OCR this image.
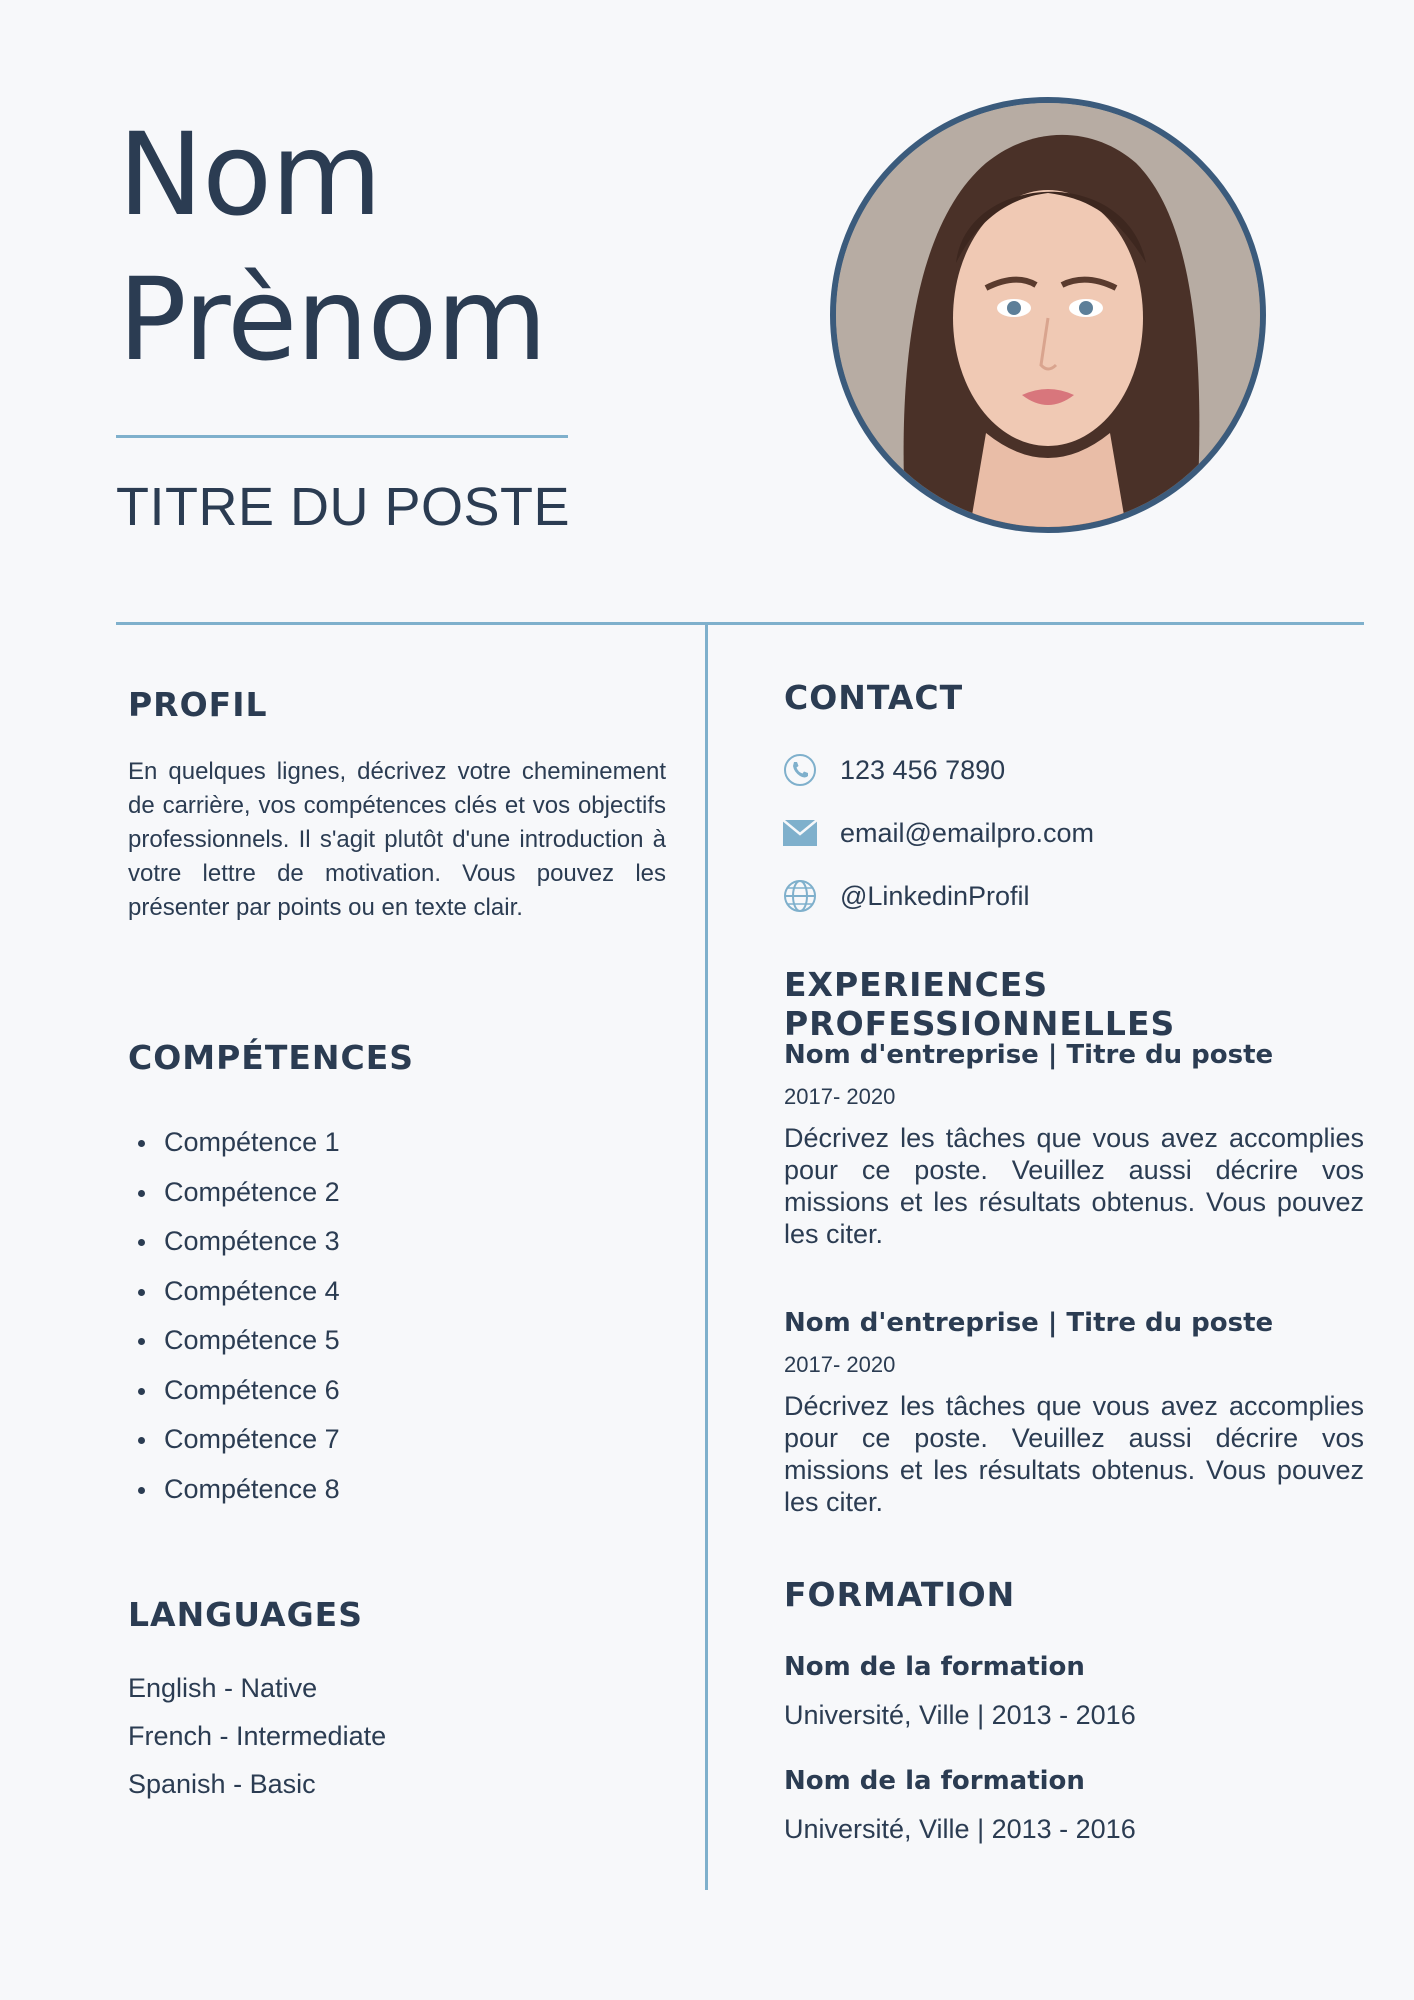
Nom
Prènom
TITRE DU POSTE
PROFIL
En quelques lignes, décrivez votre cheminement de carrière, vos compétences clés et vos objectifs professionnels. Il s'agit plutôt d'une introduction à votre lettre de motivation. Vous pouvez les présenter par points ou en texte clair.
COMPÉTENCES
Compétence 1
Compétence 2
Compétence 3
Compétence 4
Compétence 5
Compétence 6
Compétence 7
Compétence 8
LANGUAGES
English - Native
French - Intermediate
Spanish - Basic
CONTACT
123 456 7890
email@emailpro.com
@LinkedinProfil
EXPERIENCES PROFESSIONNELLES
Nom d'entreprise | Titre du poste
2017- 2020
Décrivez les tâches que vous avez accomplies pour ce poste. Veuillez aussi décrire vos missions et les résultats obtenus. Vous pouvez les citer.
Nom d'entreprise | Titre du poste
2017- 2020
Décrivez les tâches que vous avez accomplies pour ce poste. Veuillez aussi décrire vos missions et les résultats obtenus. Vous pouvez les citer.
FORMATION
Nom de la formation
Université, Ville | 2013 - 2016
Nom de la formation
Université, Ville | 2013 - 2016
